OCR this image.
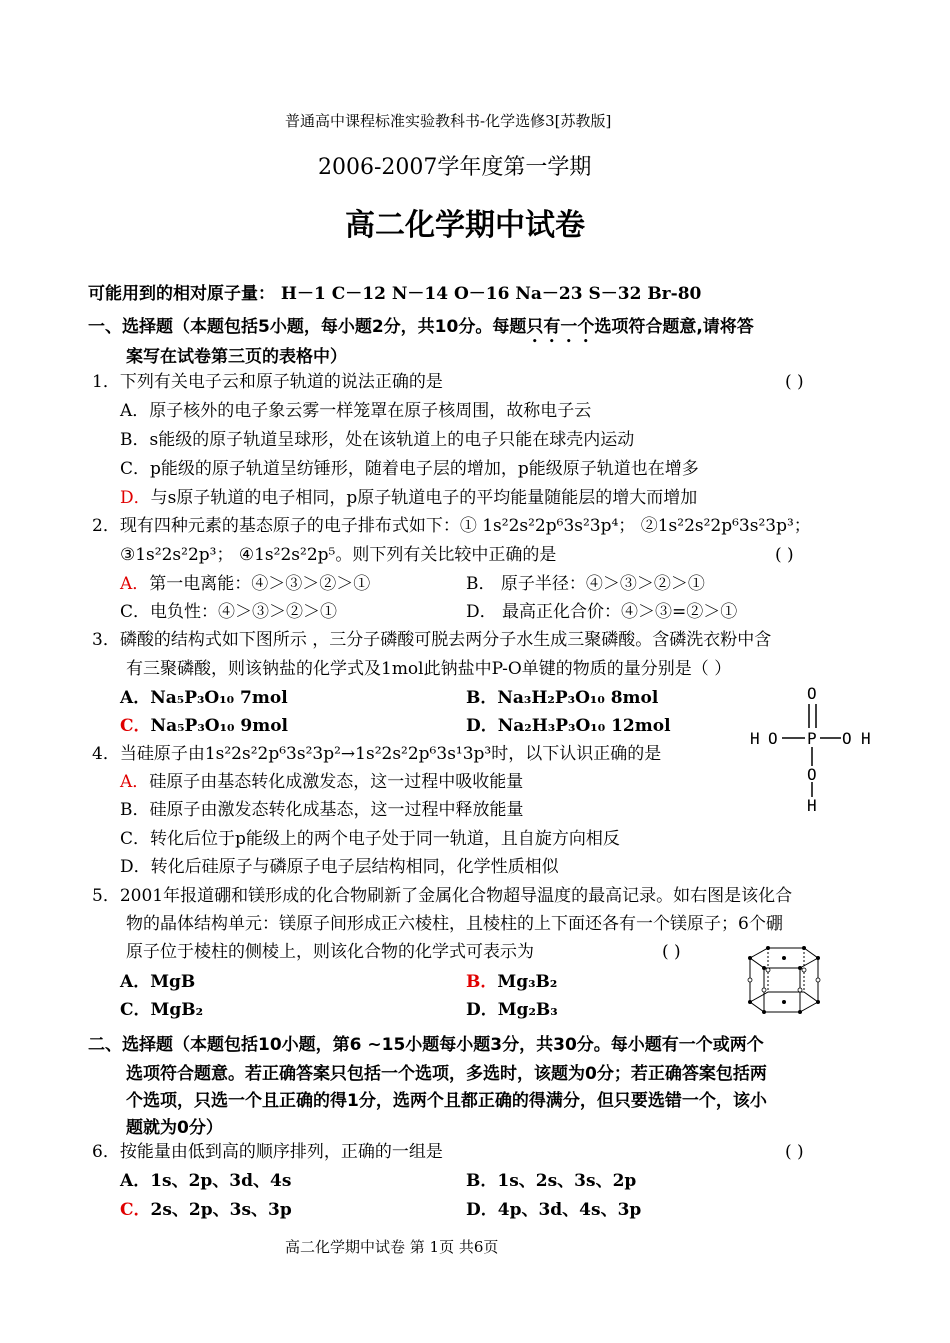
普通高中课程标准实验教科书-化学选修3[苏教版]
2006-2007学年度第一学期
高二化学期中试卷
可能用到的相对原子量： H－1 C－12 N－14 O－16 Na－23 S－32 Br-80
一、选择题（本题包括5小题，每小题2分，共10分。每题只有一个选项符合题意,请将答
案写在试卷第三页的表格中）
1．下列有关电子云和原子轨道的说法正确的是	( )
A．原子核外的电子象云雾一样笼罩在原子核周围，故称电子云
B．s能级的原子轨道呈球形，处在该轨道上的电子只能在球壳内运动
C．p能级的原子轨道呈纺锤形，随着电子层的增加，p能级原子轨道也在增多
D．与s原子轨道的电子相同，p原子轨道电子的平均能量随能层的增大而增加
2．现有四种元素的基态原子的电子排布式如下：① 1s²2s²2p⁶3s²3p⁴； ②1s²2s²2p⁶3s²3p³；
③1s²2s²2p³； ④1s²2s²2p⁵。则下列有关比较中正确的是	( )
A．第一电离能：④＞③＞②＞①	B． 原子半径：④＞③＞②＞①
C．电负性：④＞③＞②＞①	D． 最高正化合价：④＞③=②＞①
3．磷酸的结构式如下图所示 ，三分子磷酸可脱去两分子水生成三聚磷酸。含磷洗衣粉中含
有三聚磷酸，则该钠盐的化学式及1mol此钠盐中P-O单键的物质的量分别是（ ）
A．Na₅P₃O₁₀ 7mol	B．Na₃H₂P₃O₁₀ 8mol
C．Na₅P₃O₁₀ 9mol	D．Na₂H₃P₃O₁₀ 12mol
O
H O P O H
O
H
4．当硅原子由1s²2s²2p⁶3s²3p²→1s²2s²2p⁶3s¹3p³时，以下认识正确的是
A．硅原子由基态转化成激发态，这一过程中吸收能量
B．硅原子由激发态转化成基态，这一过程中释放能量
C．转化后位于p能级上的两个电子处于同一轨道，且自旋方向相反
D．转化后硅原子与磷原子电子层结构相同，化学性质相似
5．2001年报道硼和镁形成的化合物刷新了金属化合物超导温度的最高记录。如右图是该化合
物的晶体结构单元：镁原子间形成正六棱柱，且棱柱的上下面还各有一个镁原子；6个硼
原子位于棱柱的侧棱上，则该化合物的化学式可表示为	( )
A．MgB	B．Mg₃B₂
C．MgB₂	D．Mg₂B₃
二、选择题（本题包括10小题，第6 ~15小题每小题3分，共30分。每小题有一个或两个
选项符合题意。若正确答案只包括一个选项，多选时，该题为0分；若正确答案包括两
个选项，只选一个且正确的得1分，选两个且都正确的得满分，但只要选错一个，该小
题就为0分）
6．按能量由低到高的顺序排列，正确的一组是	( )
A．1s、2p、3d、4s	B．1s、2s、3s、2p
C．2s、2p、3s、3p	D．4p、3d、4s、3p
高二化学期中试卷 第 1页 共6页
